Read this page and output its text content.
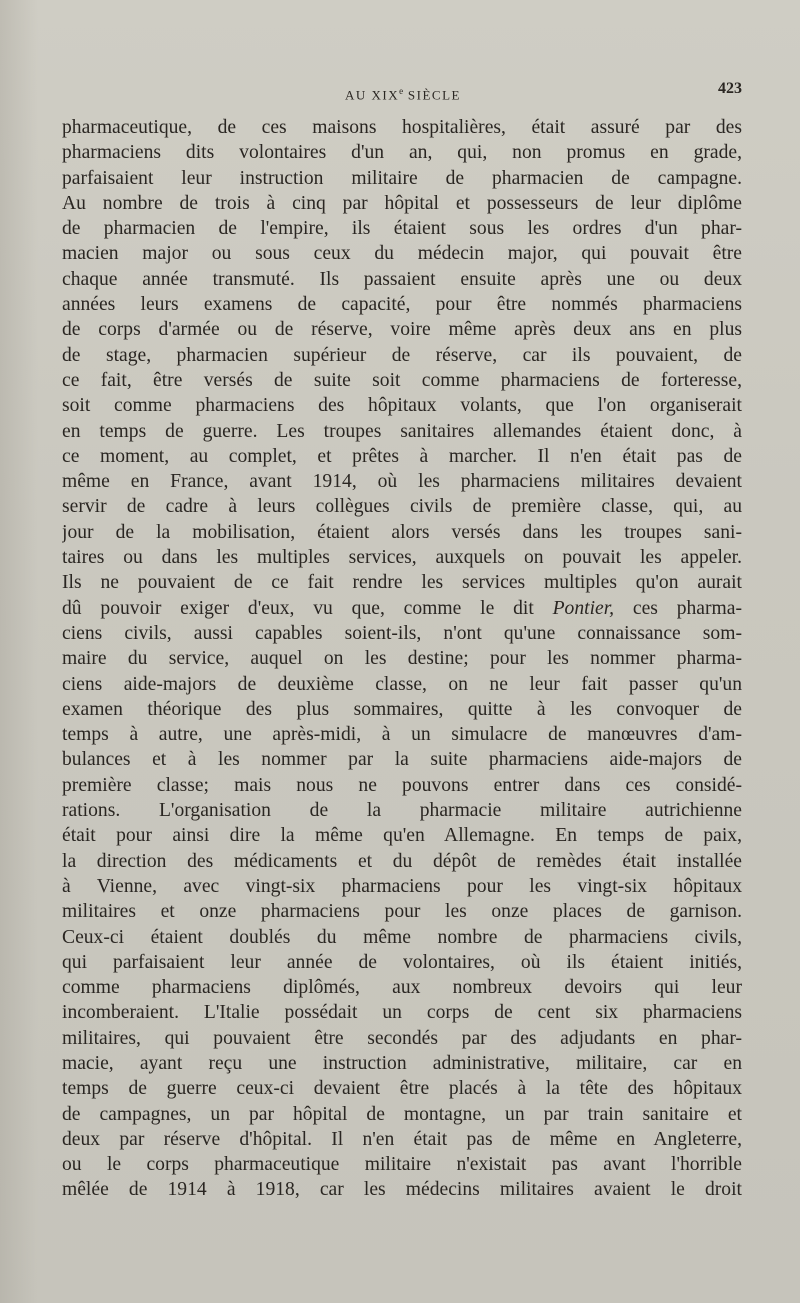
AU XIXe SIÈCLE	423
pharmaceutique, de ces maisons hospitalières, était assuré par des
pharmaciens dits volontaires d'un an, qui, non promus en grade,
parfaisaient leur instruction militaire de pharmacien de campagne.
Au nombre de trois à cinq par hôpital et possesseurs de leur diplôme
de pharmacien de l'empire, ils étaient sous les ordres d'un phar-
macien major ou sous ceux du médecin major, qui pouvait être
chaque année transmuté. Ils passaient ensuite après une ou deux
années leurs examens de capacité, pour être nommés pharmaciens
de corps d'armée ou de réserve, voire même après deux ans en plus
de stage, pharmacien supérieur de réserve, car ils pouvaient, de
ce fait, être versés de suite soit comme pharmaciens de forteresse,
soit comme pharmaciens des hôpitaux volants, que l'on organiserait
en temps de guerre. Les troupes sanitaires allemandes étaient donc, à
ce moment, au complet, et prêtes à marcher. Il n'en était pas de
même en France, avant 1914, où les pharmaciens militaires devaient
servir de cadre à leurs collègues civils de première classe, qui, au
jour de la mobilisation, étaient alors versés dans les troupes sani-
taires ou dans les multiples services, auxquels on pouvait les appeler.
Ils ne pouvaient de ce fait rendre les services multiples qu'on aurait
dû pouvoir exiger d'eux, vu que, comme le dit Pontier, ces pharma-
ciens civils, aussi capables soient-ils, n'ont qu'une connaissance som-
maire du service, auquel on les destine; pour les nommer pharma-
ciens aide-majors de deuxième classe, on ne leur fait passer qu'un
examen théorique des plus sommaires, quitte à les convoquer de
temps à autre, une après-midi, à un simulacre de manœuvres d'am-
bulances et à les nommer par la suite pharmaciens aide-majors de
première classe; mais nous ne pouvons entrer dans ces considé-
rations. L'organisation de la pharmacie militaire autrichienne
était pour ainsi dire la même qu'en Allemagne. En temps de paix,
la direction des médicaments et du dépôt de remèdes était installée
à Vienne, avec vingt-six pharmaciens pour les vingt-six hôpitaux
militaires et onze pharmaciens pour les onze places de garnison.
Ceux-ci étaient doublés du même nombre de pharmaciens civils,
qui parfaisaient leur année de volontaires, où ils étaient initiés,
comme pharmaciens diplômés, aux nombreux devoirs qui leur
incomberaient. L'Italie possédait un corps de cent six pharmaciens
militaires, qui pouvaient être secondés par des adjudants en phar-
macie, ayant reçu une instruction administrative, militaire, car en
temps de guerre ceux-ci devaient être placés à la tête des hôpitaux
de campagnes, un par hôpital de montagne, un par train sanitaire et
deux par réserve d'hôpital. Il n'en était pas de même en Angleterre,
ou le corps pharmaceutique militaire n'existait pas avant l'horrible
mêlée de 1914 à 1918, car les médecins militaires avaient le droit
